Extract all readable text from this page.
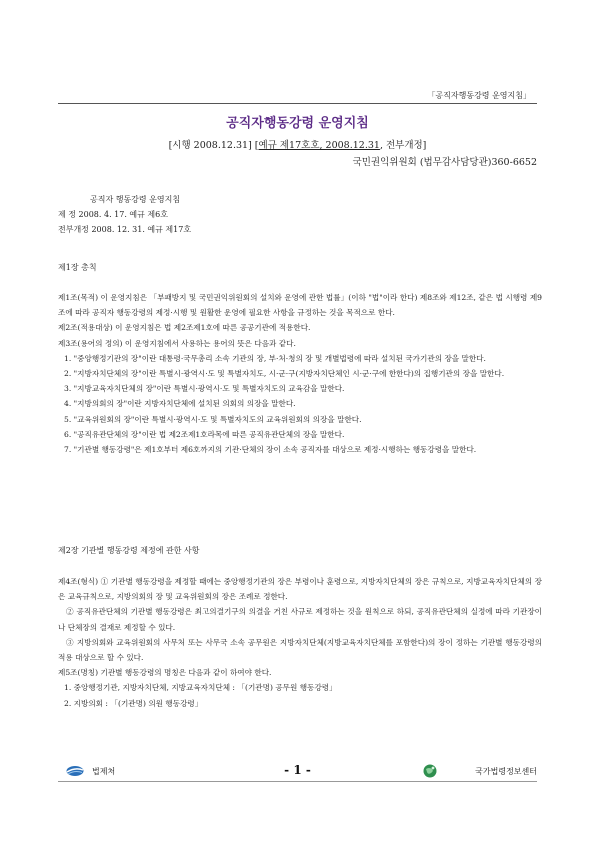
「공직자행동강령 운영지침」
공직자행동강령 운영지침
[시행 2008.12.31] [예규 제17호호, 2008.12.31, 전부개정]
국민권익위원회 (법무감사담당관)360-6652
공직자 행동강령 운영지침
제 정 2008. 4. 17. 예규 제6호
전부개정 2008. 12. 31. 예규 제17호
제1장 총칙

제1조(목적) 이 운영지침은 「부패방지 및 국민권익위원회의 설치와 운영에 관한 법률」(이하 "법"이라 한다) 제8조와 제12조, 같은 법 시행령 제9조에 따라 공직자 행동강령의 제정·시행 및 원활한 운영에 필요한 사항을 규정하는 것을 목적으로 한다.

제2조(적용대상) 이 운영지침은 법 제2조제1호에 따른 공공기관에 적용한다.

제3조(용어의 정의) 이 운영지침에서 사용하는 용어의 뜻은 다음과 같다.

1. "중앙행정기관의 장"이란 대통령·국무총리 소속 기관의 장, 부·처·청의 장 및 개별법령에 따라 설치된 국가기관의 장을 말한다.

2. "지방자치단체의 장"이란 특별시·광역시·도 및 특별자치도, 시·군·구(지방자치단체인 시·군·구에 한한다)의 집행기관의 장을 말한다.

3. "지방교육자치단체의 장"이란 특별시·광역시·도 및 특별자치도의 교육감을 말한다.

4. "지방의회의 장"이란 지방자치단체에 설치된 의회의 의장을 말한다.

5. "교육위원회의 장"이란 특별시·광역시·도 및 특별자치도의 교육위원회의 의장을 말한다.

6. "공직유관단체의 장"이란 법 제2조제1호라목에 따른 공직유관단체의 장을 말한다.

7. "기관별 행동강령"은 제1호부터 제6호까지의 기관·단체의 장이 소속 공직자를 대상으로 제정·시행하는 행동강령을 말한다.

제2장 기관별 행동강령 제정에 관한 사항

제4조(형식) ① 기관별 행동강령을 제정할 때에는 중앙행정기관의 장은 부령이나 훈령으로, 지방자치단체의 장은 규칙으로, 지방교육자치단체의 장은 교육규칙으로, 지방의회의 장 및 교육위원회의 장은 조례로 정한다.

② 공직유관단체의 기관별 행동강령은 최고의결기구의 의결을 거친 사규로 제정하는 것을 원칙으로 하되, 공직유관단체의 실정에 따라 기관장이나 단체장의 결재로 제정할 수 있다.

③ 지방의회와 교육위원회의 사무처 또는 사무국 소속 공무원은 지방자치단체(지방교육자치단체를 포함한다)의 장이 정하는 기관별 행동강령의 적용 대상으로 할 수 있다.

제5조(명칭) 기관별 행동강령의 명칭은 다음과 같이 하여야 한다.

1. 중앙행정기관, 지방자치단체, 지방교육자치단체 : 「(기관명) 공무원 행동강령」

2. 지방의회 : 「(기관명) 의원 행동강령」

법제처	- 1 -	국가법령정보센터
